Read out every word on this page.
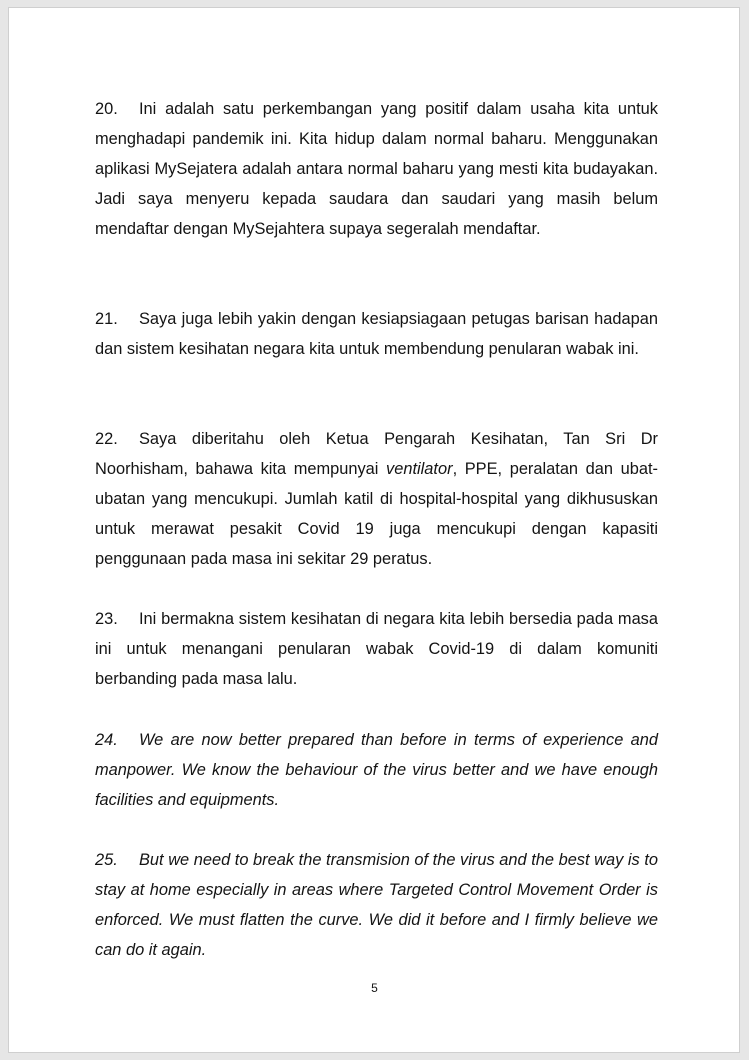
20. Ini adalah satu perkembangan yang positif dalam usaha kita untuk menghadapi pandemik ini. Kita hidup dalam normal baharu. Menggunakan aplikasi MySejatera adalah antara normal baharu yang mesti kita budayakan. Jadi saya menyeru kepada saudara dan saudari yang masih belum mendaftar dengan MySejahtera supaya segeralah mendaftar.

21. Saya juga lebih yakin dengan kesiapsiagaan petugas barisan hadapan dan sistem kesihatan negara kita untuk membendung penularan wabak ini.

22. Saya diberitahu oleh Ketua Pengarah Kesihatan, Tan Sri Dr Noorhisham, bahawa kita mempunyai ventilator, PPE, peralatan dan ubat-ubatan yang mencukupi. Jumlah katil di hospital-hospital yang dikhususkan untuk merawat pesakit Covid 19 juga mencukupi dengan kapasiti penggunaan pada masa ini sekitar 29 peratus.

23. Ini bermakna sistem kesihatan di negara kita lebih bersedia pada masa ini untuk menangani penularan wabak Covid-19 di dalam komuniti berbanding pada masa lalu.

24. We are now better prepared than before in terms of experience and manpower. We know the behaviour of the virus better and we have enough facilities and equipments.

25. But we need to break the transmision of the virus and the best way is to stay at home especially in areas where Targeted Control Movement Order is enforced. We must flatten the curve. We did it before and I firmly believe we can do it again.

5
